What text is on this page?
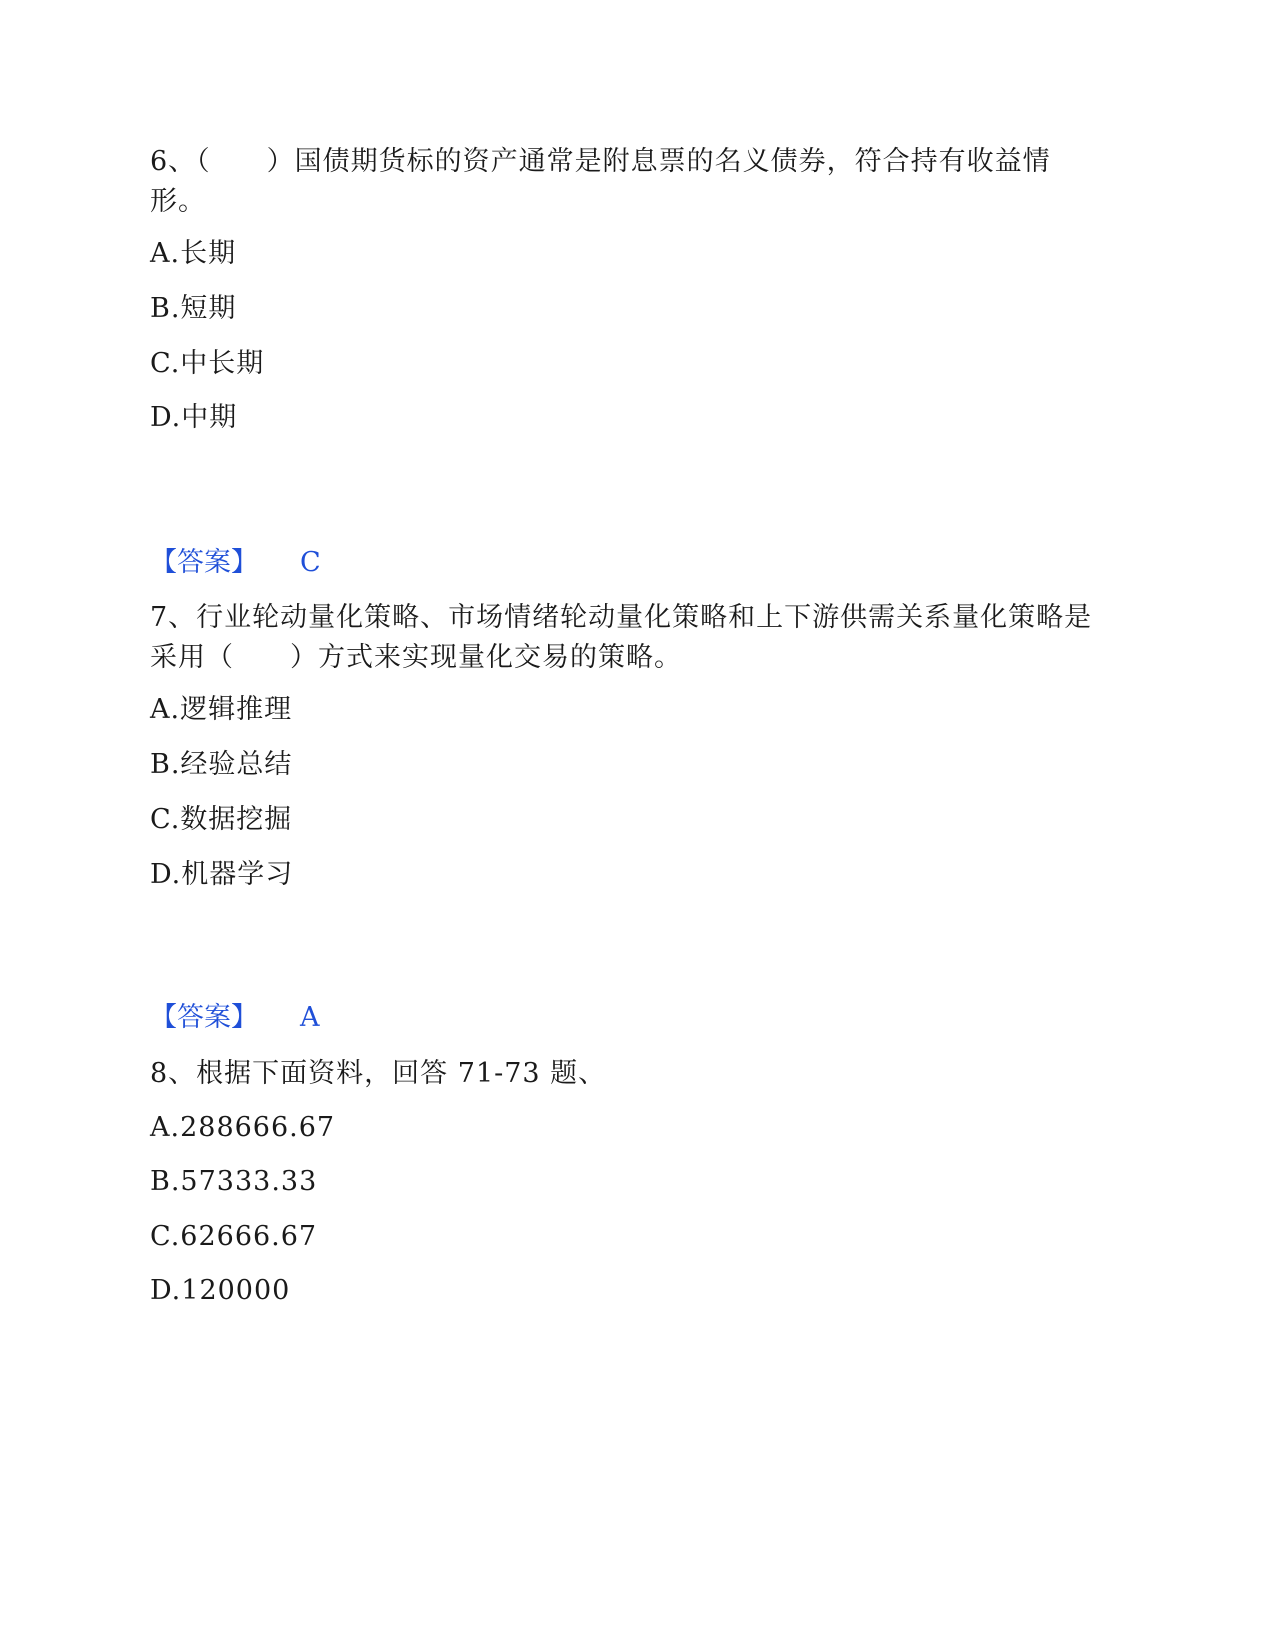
6、（　　）国债期货标的资产通常是附息票的名义债券，符合持有收益情形。

A.长期

B.短期

C.中长期

D.中期

【答案】 C

7、行业轮动量化策略、市场情绪轮动量化策略和上下游供需关系量化策略是采用（　　）方式来实现量化交易的策略。

A.逻辑推理

B.经验总结

C.数据挖掘

D.机器学习

【答案】 A

8、根据下面资料，回答 71-73 题、

A.288666.67

B.57333.33

C.62666.67

D.120000
